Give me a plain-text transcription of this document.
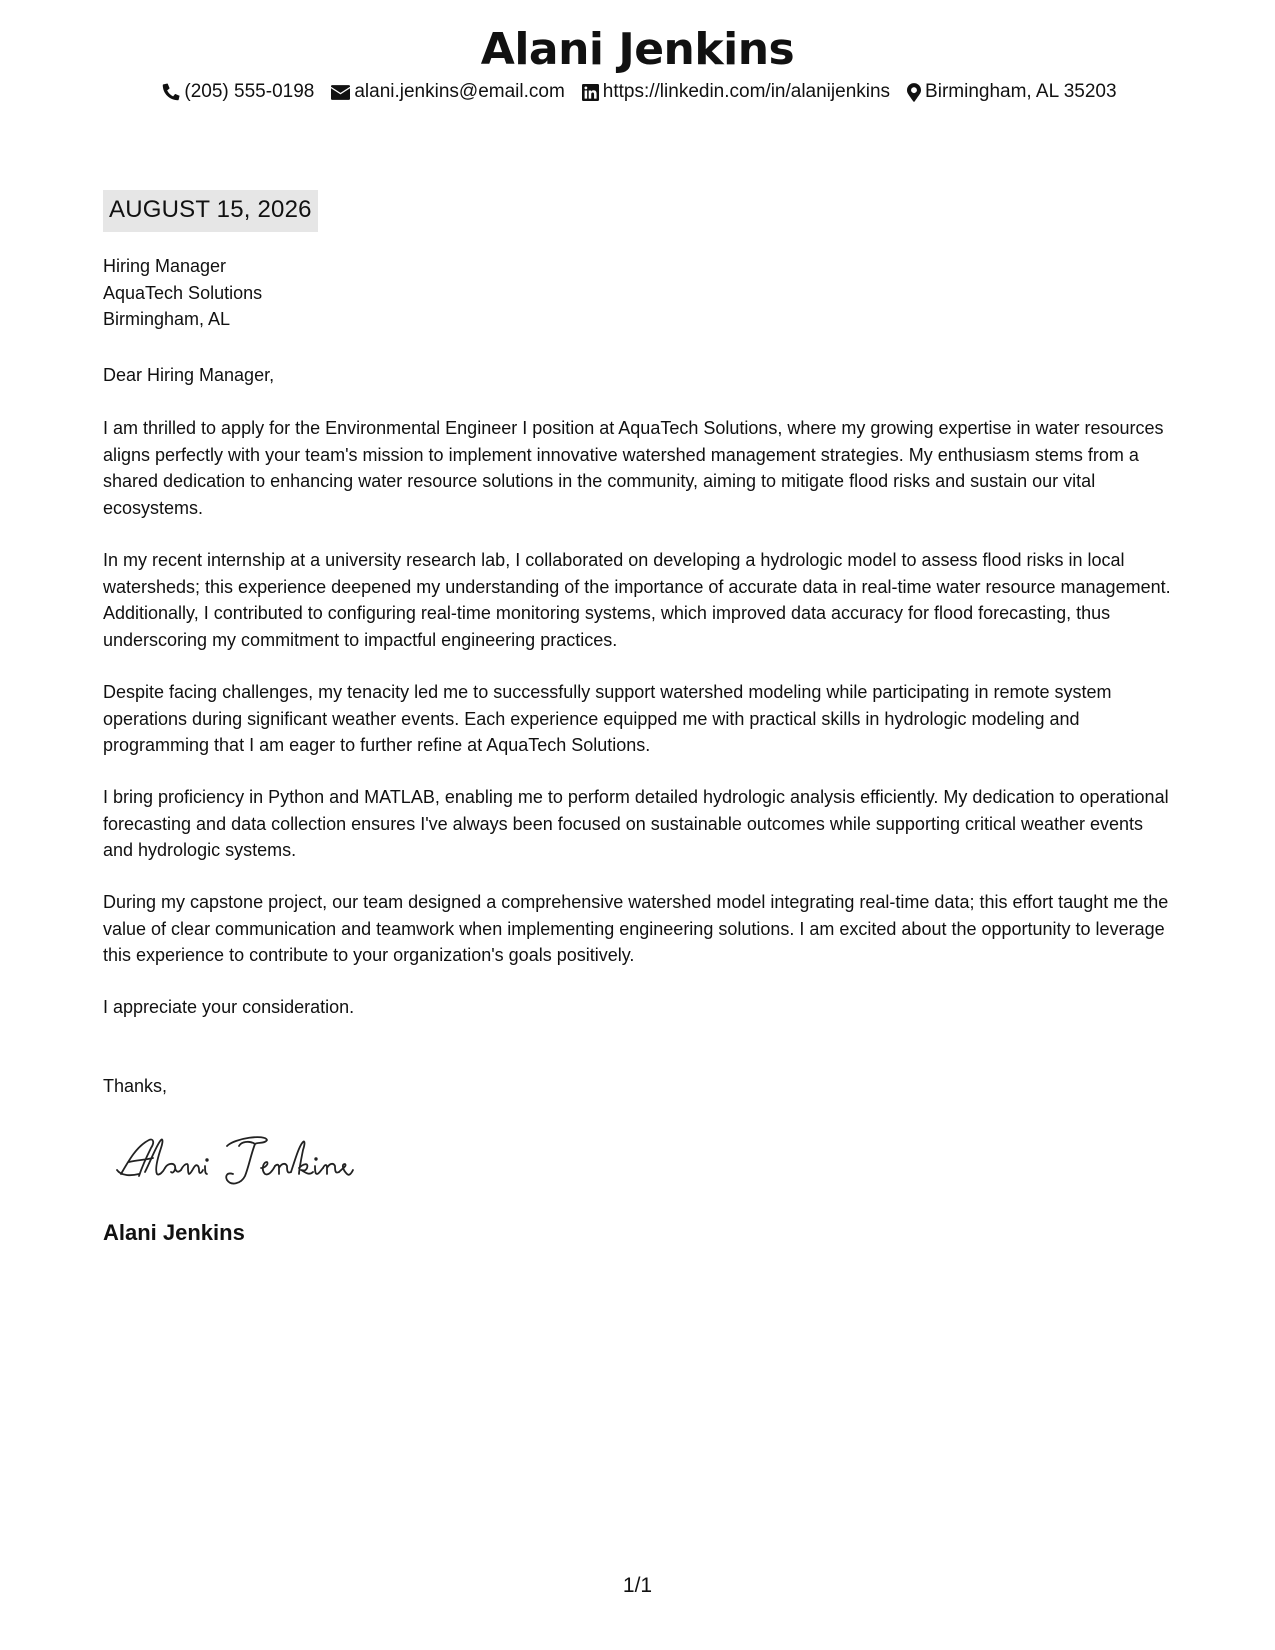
Alani Jenkins
(205) 555-0198 alani.jenkins@email.com https://linkedin.com/in/alanijenkins Birmingham, AL 35203
AUGUST 15, 2026
Hiring Manager
AquaTech Solutions
Birmingham, AL
Dear Hiring Manager,

I am thrilled to apply for the Environmental Engineer I position at AquaTech Solutions, where my growing expertise in water resources aligns perfectly with your team's mission to implement innovative watershed management strategies. My enthusiasm stems from a shared dedication to enhancing water resource solutions in the community, aiming to mitigate flood risks and sustain our vital ecosystems.

In my recent internship at a university research lab, I collaborated on developing a hydrologic model to assess flood risks in local watersheds; this experience deepened my understanding of the importance of accurate data in real-time water resource management. Additionally, I contributed to configuring real-time monitoring systems, which improved data accuracy for flood forecasting, thus underscoring my commitment to impactful engineering practices.

Despite facing challenges, my tenacity led me to successfully support watershed modeling while participating in remote system operations during significant weather events. Each experience equipped me with practical skills in hydrologic modeling and programming that I am eager to further refine at AquaTech Solutions.

I bring proficiency in Python and MATLAB, enabling me to perform detailed hydrologic analysis efficiently. My dedication to operational forecasting and data collection ensures I've always been focused on sustainable outcomes while supporting critical weather events and hydrologic systems.

During my capstone project, our team designed a comprehensive watershed model integrating real-time data; this effort taught me the value of clear communication and teamwork when implementing engineering solutions. I am excited about the opportunity to leverage this experience to contribute to your organization's goals positively.

I appreciate your consideration.
Thanks,
Alani Jenkins
1/1
